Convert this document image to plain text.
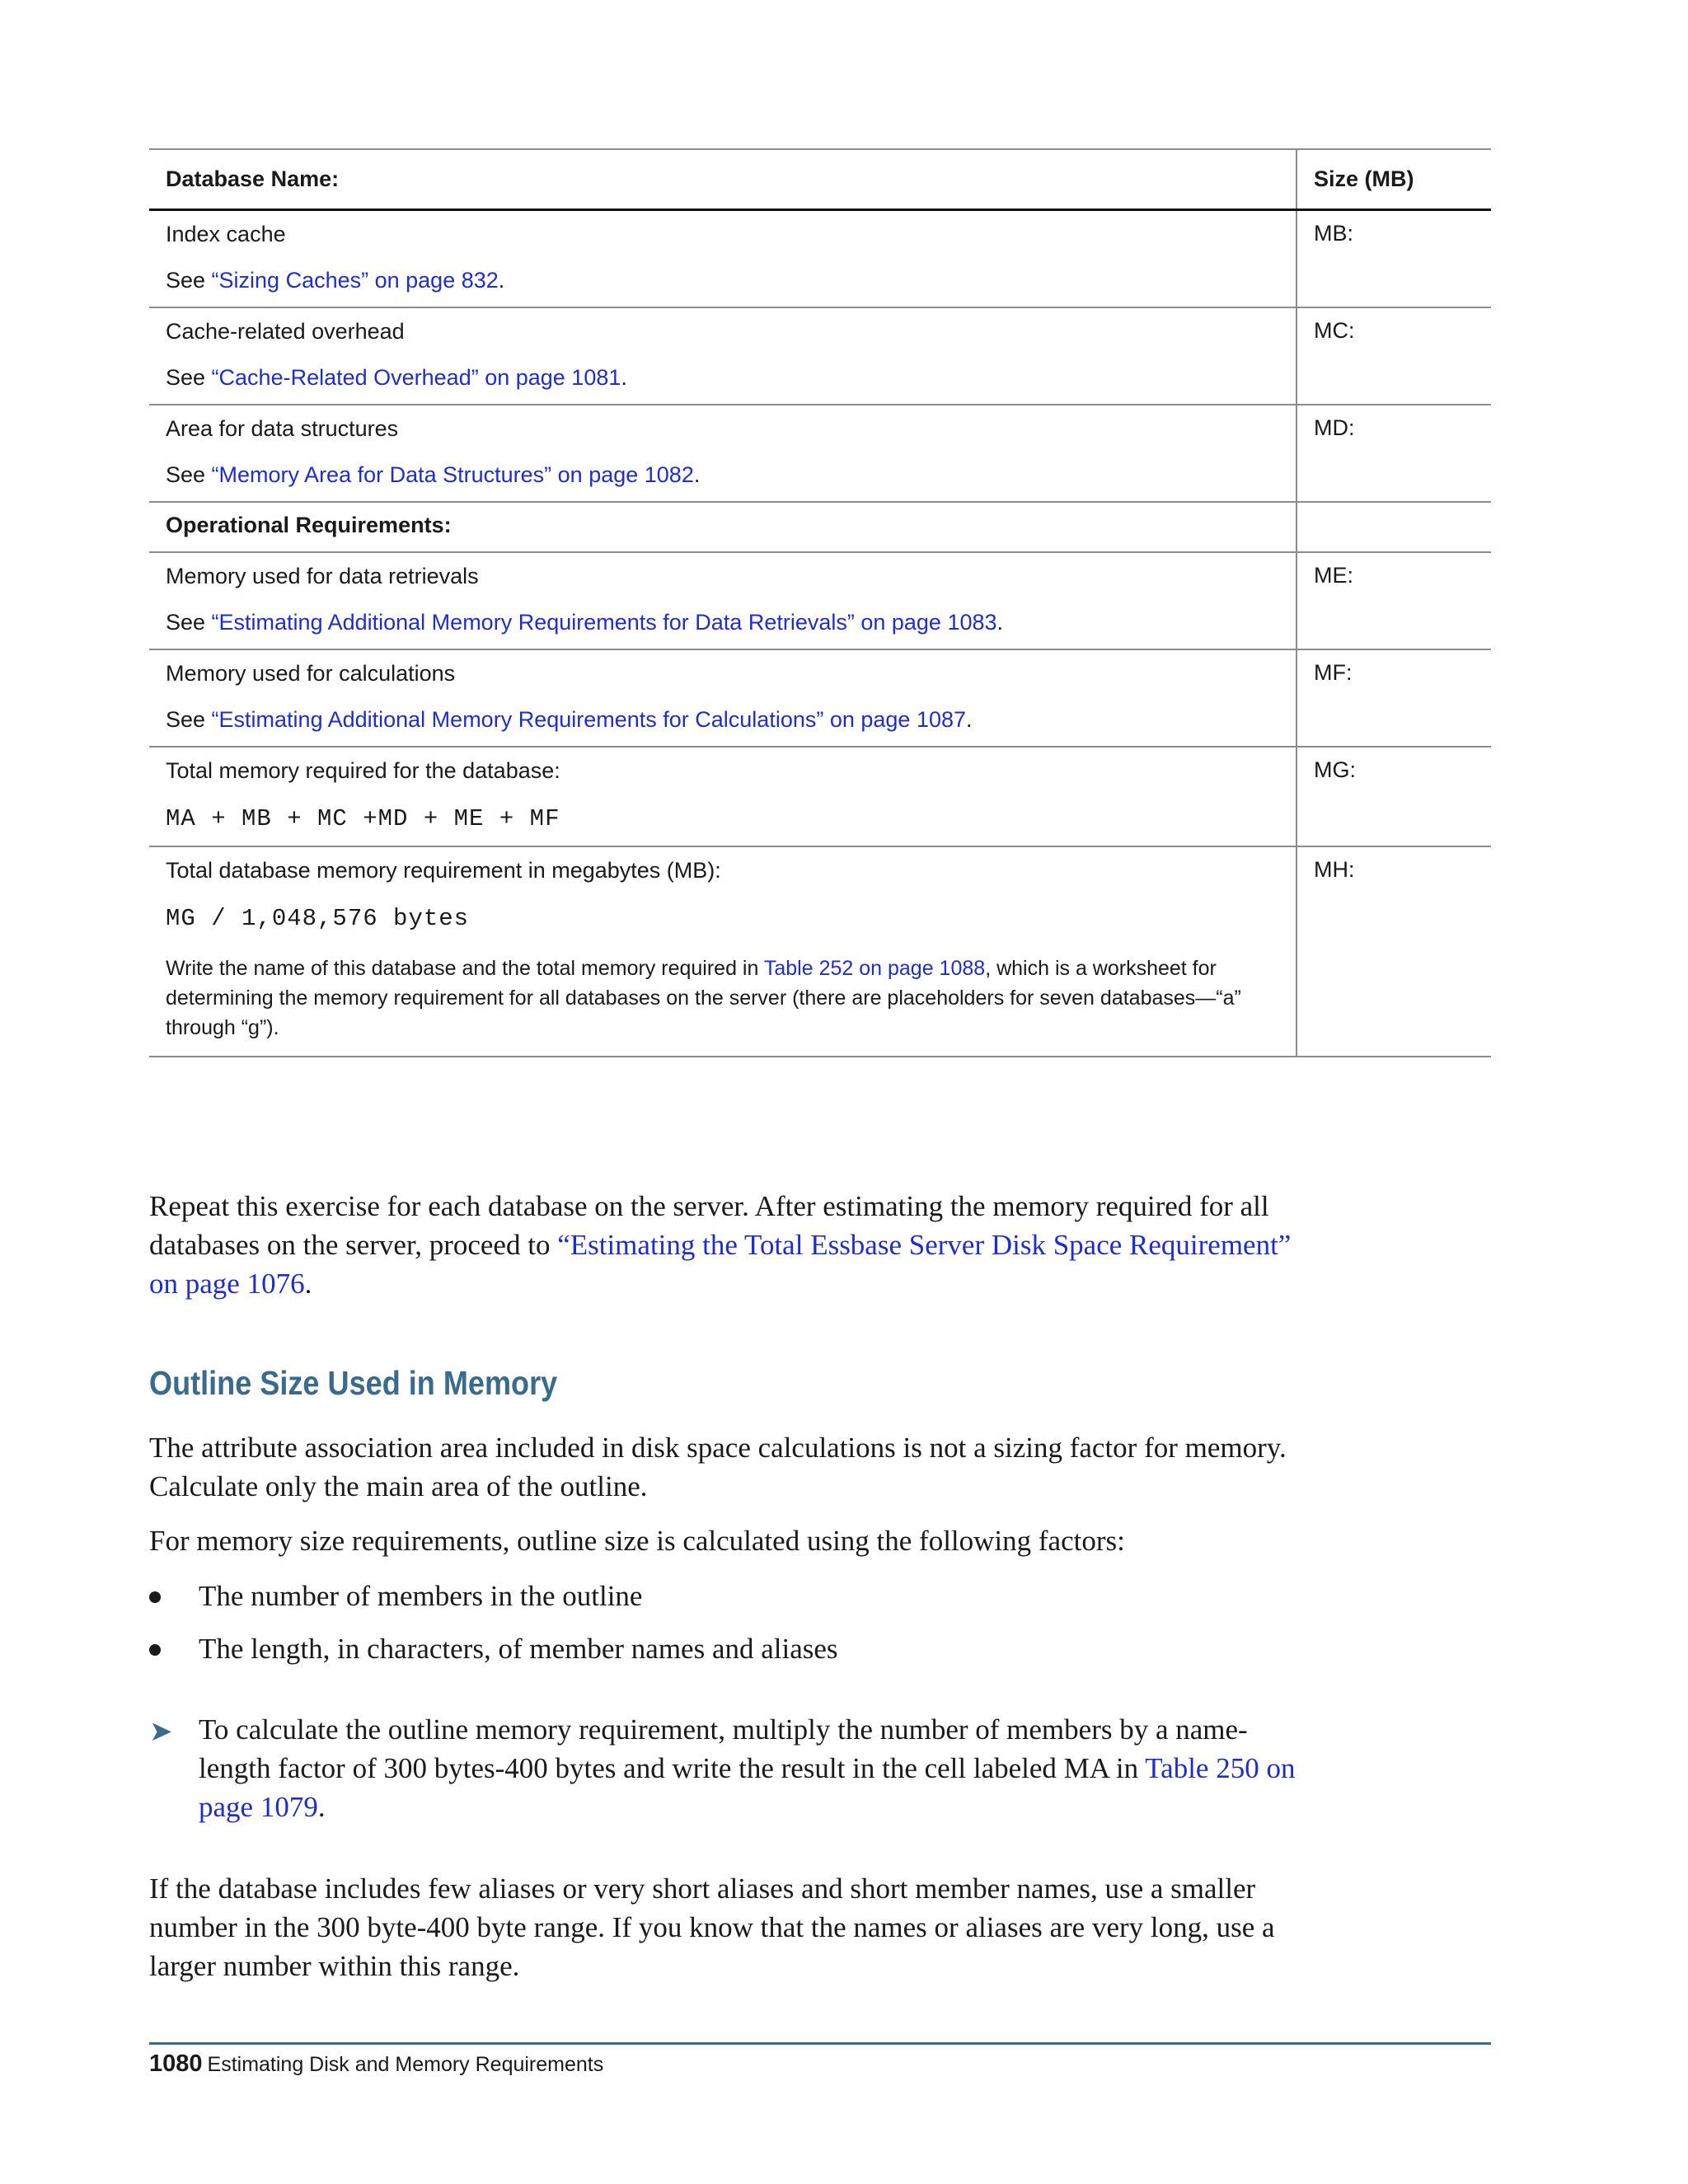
Database Name:	Size (MB)

Index cache
See “Sizing Caches” on page 832.	MB:

Cache-related overhead
See “Cache-Related Overhead” on page 1081.	MC:

Area for data structures
See “Memory Area for Data Structures” on page 1082.	MD:
Operational Requirements:	

Memory used for data retrievals
See “Estimating Additional Memory Requirements for Data Retrievals” on page 1083.	ME:

Memory used for calculations
See “Estimating Additional Memory Requirements for Calculations” on page 1087.	MF:

Total memory required for the database:
MA + MB + MC +MD + ME + MF	MG:

Total database memory requirement in megabytes (MB):
MG / 1,048,576 bytes
Write the name of this database and the total memory required in Table 252 on page 1088, which is a worksheet for determining the memory requirement for all databases on the server (there are placeholders for seven databases—“a” through “g”).	MH:

Repeat this exercise for each database on the server. After estimating the memory required for all databases on the server, proceed to “Estimating the Total Essbase Server Disk Space Requirement” on page 1076.

Outline Size Used in Memory

The attribute association area included in disk space calculations is not a sizing factor for memory. Calculate only the main area of the outline.

For memory size requirements, outline size is calculated using the following factors:

The number of members in the outline
The length, in characters, of member names and aliases
➤ To calculate the outline memory requirement, multiply the number of members by a name-length factor of 300 bytes-400 bytes and write the result in the cell labeled MA in Table 250 on page 1079.

If the database includes few aliases or very short aliases and short member names, use a smaller number in the 300 byte-400 byte range. If you know that the names or aliases are very long, use a larger number within this range.

1080 Estimating Disk and Memory Requirements
